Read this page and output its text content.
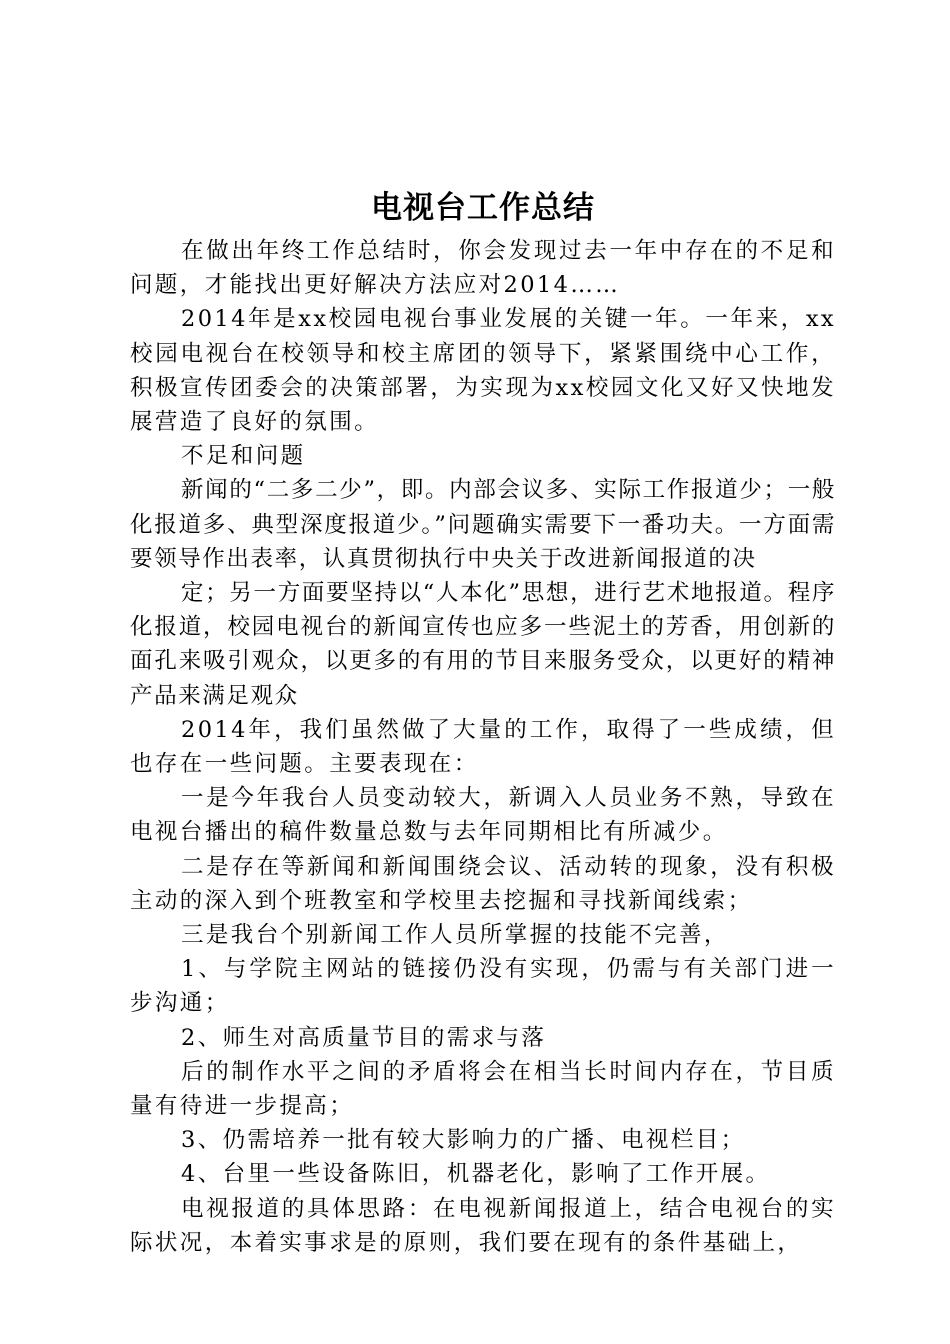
电视台工作总结

在做出年终工作总结时，你会发现过去一年中存在的不足和问题，才能找出更好解决方法应对2014……

2014年是xx校园电视台事业发展的关键一年。一年来，xx校园电视台在校领导和校主席团的领导下，紧紧围绕中心工作，积极宣传团委会的决策部署，为实现为xx校园文化又好又快地发展营造了良好的氛围。

不足和问题

新闻的“二多二少”，即。内部会议多、实际工作报道少；一般化报道多、典型深度报道少。”问题确实需要下一番功夫。一方面需要领导作出表率，认真贯彻执行中央关于改进新闻报道的决

定；另一方面要坚持以“人本化”思想，进行艺术地报道。程序化报道，校园电视台的新闻宣传也应多一些泥土的芳香，用创新的面孔来吸引观众，以更多的有用的节目来服务受众，以更好的精神产品来满足观众

2014年，我们虽然做了大量的工作，取得了一些成绩，但也存在一些问题。主要表现在：

一是今年我台人员变动较大，新调入人员业务不熟，导致在电视台播出的稿件数量总数与去年同期相比有所减少。

二是存在等新闻和新闻围绕会议、活动转的现象，没有积极主动的深入到个班教室和学校里去挖掘和寻找新闻线索；

三是我台个别新闻工作人员所掌握的技能不完善，

1、与学院主网站的链接仍没有实现，仍需与有关部门进一步沟通；

2、师生对高质量节目的需求与落

后的制作水平之间的矛盾将会在相当长时间内存在，节目质量有待进一步提高；

3、仍需培养一批有较大影响力的广播、电视栏目；

4、台里一些设备陈旧，机器老化，影响了工作开展。

电视报道的具体思路：在电视新闻报道上，结合电视台的实际状况，本着实事求是的原则，我们要在现有的条件基础上，
